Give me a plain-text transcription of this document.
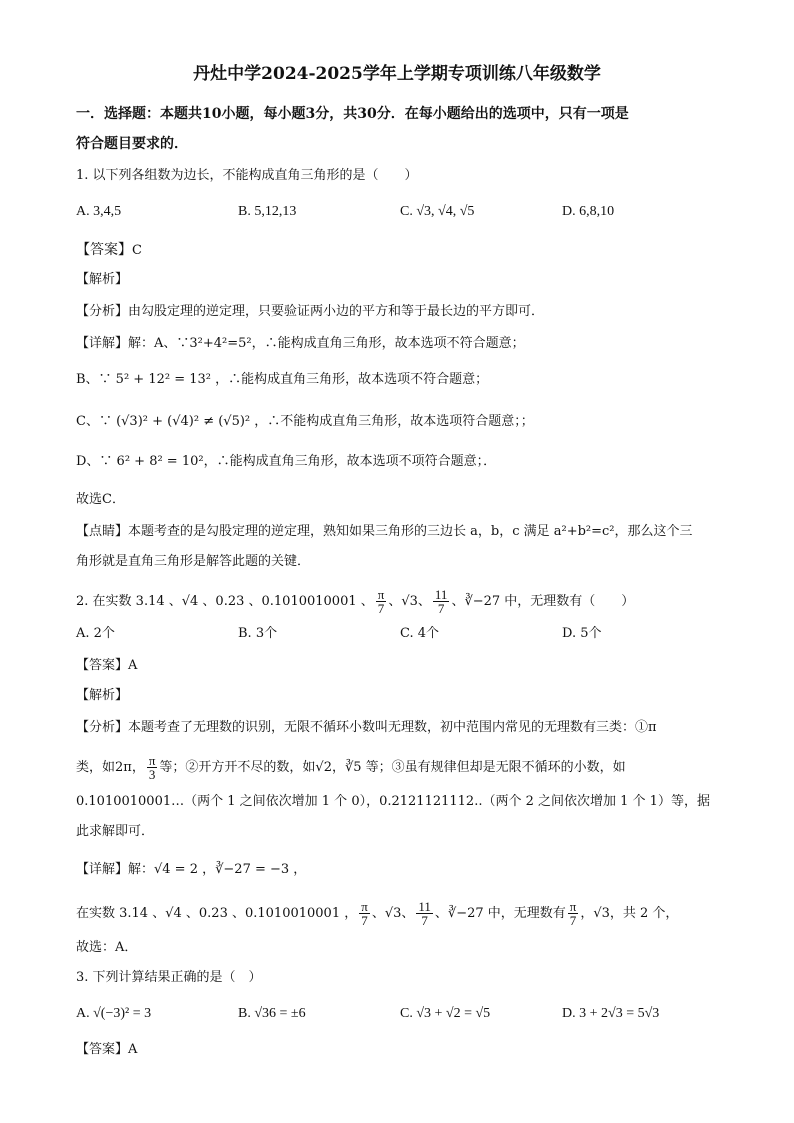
丹灶中学2024-2025学年上学期专项训练八年级数学
一．选择题：本题共10小题，每小题3分，共30分．在每小题给出的选项中，只有一项是
符合题目要求的．
1. 以下列各组数为边长，不能构成直角三角形的是（　　）
A. 3,4,5	B. 5,12,13	C. √3, √4, √5	D. 6,8,10
【答案】C
【解析】
【分析】由勾股定理的逆定理，只要验证两小边的平方和等于最长边的平方即可．
【详解】解：A、∵3²+4²=5²，∴能构成直角三角形，故本选项不符合题意；
B、∵ 5² + 12² = 13² ，∴能构成直角三角形，故本选项不符合题意；
C、∵ (√3)² + (√4)² ≠ (√5)² ，∴不能构成直角三角形，故本选项符合题意；；
D、∵ 6² + 8² = 10²，∴能构成直角三角形，故本选项不项符合题意；．
故选C．
【点睛】本题考查的是勾股定理的逆定理，熟知如果三角形的三边长 a，b，c 满足 a²+b²=c²，那么这个三
角形就是直角三角形是解答此题的关键．
2. 在实数 3.14 、√4 、0.23 、0.1010010001 、 $\frac{\pi}{7}$ 、√3、 $\frac{11}{7}$ 、∛−27 中，无理数有（　　）
A. 2个	B. 3个	C. 4个	D. 5个
【答案】A
【解析】
【分析】本题考查了无理数的识别，无限不循环小数叫无理数，初中范围内常见的无理数有三类：①π
类，如2π， $\frac{\pi}{3}$ 等；②开方开不尽的数，如√2，∛5 等；③虽有规律但却是无限不循环的小数，如
0.1010010001…（两个 1 之间依次增加 1 个 0），0.2121121112..（两个 2 之间依次增加 1 个 1）等，据
此求解即可．
【详解】解：√4 = 2 ，∛−27 = −3 ，
在实数 3.14 、√4 、0.23 、0.1010010001 ， $\frac{\pi}{7}$ 、√3、 $\frac{11}{7}$ 、∛−27 中，无理数有 $\frac{\pi}{7}$ ，√3，共 2 个，
故选：A．
3. 下列计算结果正确的是（　）
A. √(−3)² = 3	B. √36 = ±6	C. √3 + √2 = √5	D. 3 + 2√3 = 5√3
【答案】A
